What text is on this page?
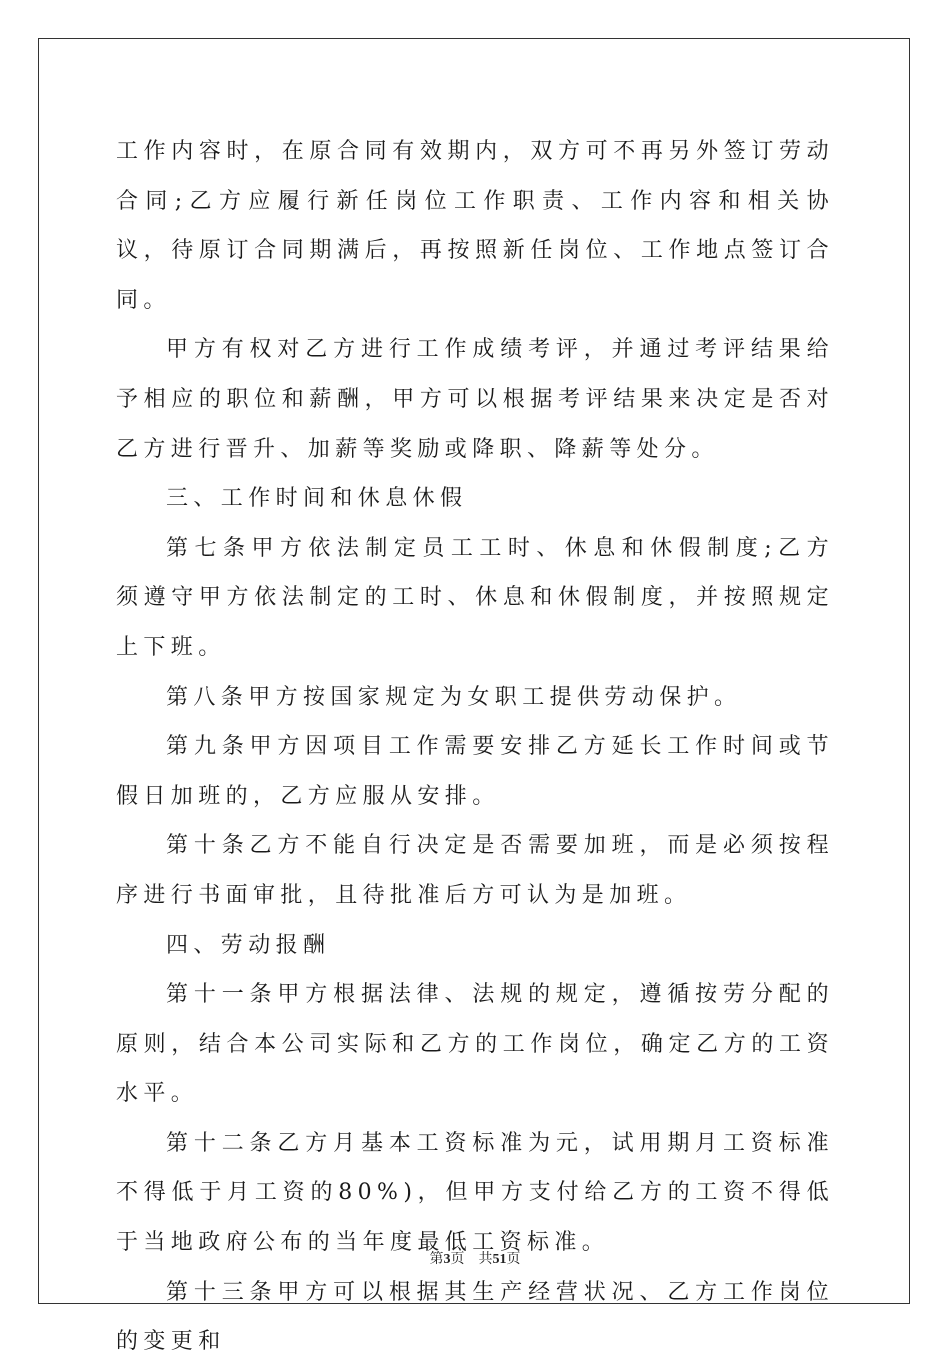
工作内容时，在原合同有效期内，双方可不再另外签订劳动合同;乙方应履行新任岗位工作职责、工作内容和相关协议，待原订合同期满后，再按照新任岗位、工作地点签订合同。

甲方有权对乙方进行工作成绩考评，并通过考评结果给予相应的职位和薪酬，甲方可以根据考评结果来决定是否对乙方进行晋升、加薪等奖励或降职、降薪等处分。

三、工作时间和休息休假

第七条甲方依法制定员工工时、休息和休假制度;乙方须遵守甲方依法制定的工时、休息和休假制度，并按照规定上下班。

第八条甲方按国家规定为女职工提供劳动保护。

第九条甲方因项目工作需要安排乙方延长工作时间或节假日加班的，乙方应服从安排。

第十条乙方不能自行决定是否需要加班，而是必须按程序进行书面审批，且待批准后方可认为是加班。

四、劳动报酬

第十一条甲方根据法律、法规的规定，遵循按劳分配的原则，结合本公司实际和乙方的工作岗位，确定乙方的工资水平。

第十二条乙方月基本工资标准为元，试用期月工资标准不得低于月工资的80%)，但甲方支付给乙方的工资不得低于当地政府公布的当年度最低工资标准。

第十三条甲方可以根据其生产经营状况、乙方工作岗位的变更和

第3页 共51页
